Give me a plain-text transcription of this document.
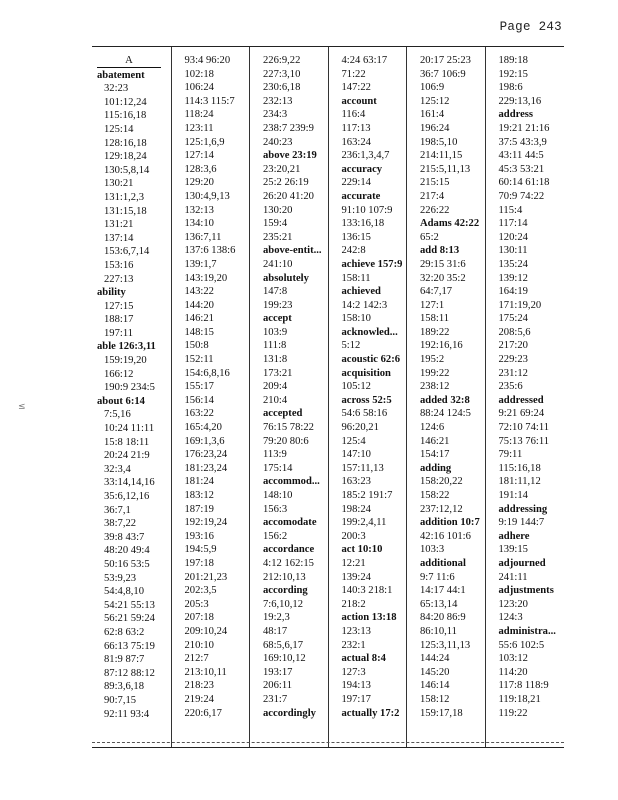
Page 243
≤
A
abatement
32:23
101:12,24
115:16,18
125:14
128:16,18
129:18,24
130:5,8,14
130:21
131:1,2,3
131:15,18
131:21
137:14
153:6,7,14
153:16
227:13
ability
127:15
188:17
197:11
able 126:3,11
159:19,20
166:12
190:9 234:5
about 6:14
7:5,16
10:24 11:11
15:8 18:11
20:24 21:9
32:3,4
33:14,14,16
35:6,12,16
36:7,1
38:7,22
39:8 43:7
48:20 49:4
50:16 53:5
53:9,23
54:4,8,10
54:21 55:13
56:21 59:24
62:8 63:2
66:13 75:19
81:9 87:7
87:12 88:12
89:3,6,18
90:7,15
92:11 93:4
93:4 96:20
102:18
106:24
114:3 115:7
118:24
123:11
125:1,6,9
127:14
128:3,6
129:20
130:4,9,13
132:13
134:10
136:7,11
137:6 138:6
139:1,7
143:19,20
143:22
144:20
146:21
148:15
150:8
152:11
154:6,8,16
155:17
156:14
163:22
165:4,20
169:1,3,6
176:23,24
181:23,24
181:24
183:12
187:19
192:19,24
193:16
194:5,9
197:18
201:21,23
202:3,5
205:3
207:18
209:10,24
210:10
212:7
213:10,11
218:23
219:24
220:6,17
226:9,22
227:3,10
230:6,18
232:13
234:3
238:7 239:9
240:23
above 23:19
23:20,21
25:2 26:19
26:20 41:20
130:20
159:4
235:21
above-entit...
241:10
absolutely
147:8
199:23
accept
103:9
111:8
131:8
173:21
209:4
210:4
accepted
76:15 78:22
79:20 80:6
113:9
175:14
accommod...
148:10
156:3
accomodate
156:2
accordance
4:12 162:15
212:10,13
according
7:6,10,12
19:2,3
48:17
68:5,6,17
169:10,12
193:17
206:11
231:7
accordingly
4:24 63:17
71:22
147:22
account
116:4
117:13
163:24
236:1,3,4,7
accuracy
229:14
accurate
91:10 107:9
133:16,18
136:15
242:8
achieve 157:9
158:11
achieved
14:2 142:3
158:10
acknowled...
5:12
acoustic 62:6
acquisition
105:12
across 52:5
54:6 58:16
96:20,21
125:4
147:10
157:11,13
163:23
185:2 191:7
198:24
199:2,4,11
200:3
act 10:10
12:21
139:24
140:3 218:1
218:2
action 13:18
123:13
232:1
actual 8:4
127:3
194:13
197:17
actually 17:2
20:17 25:23
36:7 106:9
106:9
125:12
161:4
196:24
198:5,10
214:11,15
215:5,11,13
215:15
217:4
226:22
Adams 42:22
65:2
add 8:13
29:15 31:6
32:20 35:2
64:7,17
127:1
158:11
189:22
192:16,16
195:2
199:22
238:12
added 32:8
88:24 124:5
124:6
146:21
154:17
adding
158:20,22
158:22
237:12,12
addition 10:7
42:16 101:6
103:3
additional
9:7 11:6
14:17 44:1
65:13,14
84:20 86:9
86:10,11
125:3,11,13
144:24
145:20
146:14
158:12
159:17,18
189:18
192:15
198:6
229:13,16
address
19:21 21:16
37:5 43:3,9
43:11 44:5
45:3 53:21
60:14 61:18
70:9 74:22
115:4
117:14
120:24
130:11
135:24
139:12
164:19
171:19,20
175:24
208:5,6
217:20
229:23
231:12
235:6
addressed
9:21 69:24
72:10 74:11
75:13 76:11
79:11
115:16,18
181:11,12
191:14
addressing
9:19 144:7
adhere
139:15
adjourned
241:11
adjustments
123:20
124:3
administra...
55:6 102:5
103:12
114:20
117:8 118:9
119:18,21
119:22
